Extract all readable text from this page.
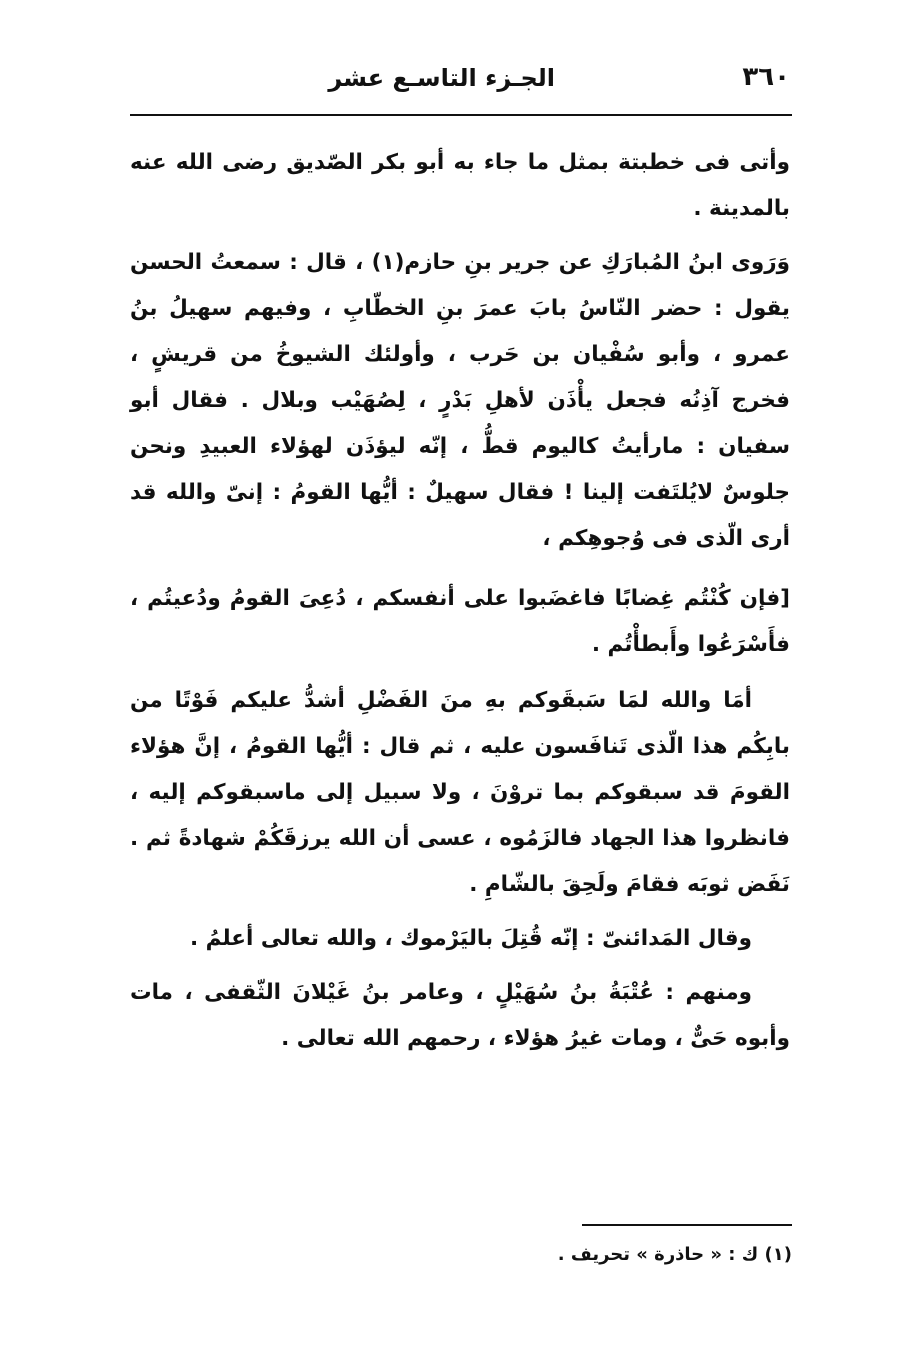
٣٦٠
الجـزء التاسـع عشر

وأتى فى خطبتة بمثل ما جاء به أبو بكر الصّديق رضى الله عنه بالمدينة .

وَرَوى ابنُ المُبارَكِ عن جرير بنِ حازم(١) ، قال : سمعتُ الحسن يقول : حضر النّاسُ بابَ عمرَ بنِ الخطّابِ ، وفيهم سهيلُ بنُ عمرو ، وأبو سُفْيان بن حَرب ، وأولئك الشيوخُ من قريشٍ ، فخرج آذِنُه فجعل يأْذَن لأهلِ بَدْرٍ ، لِصُهَيْب وبلال . فقال أبو سفيان : مارأيتُ كاليوم قطُّ ، إنّه ليؤذَن لهؤلاء العبيدِ ونحن جلوسٌ لايُلتَفت إلينا ! فقال سهيلٌ : أيُّها القومُ : إنىّ والله قد أرى الّذى فى وُجوهِكم ،

[فإن كُنْتُم غِضابًا فاغضَبوا على أنفسكم ، دُعِىَ القومُ ودُعيتُم ، فأَسْرَعُوا وأَبطأْتُم .

أمَا والله لمَا سَبقَوكم بهِ منَ الفَضْلِ أشدُّ عليكم فَوْتًا من بابِكُم هذا الّذى تَنافَسون عليه ، ثم قال : أيُّها القومُ ، إنَّ هؤلاء القومَ قد سبقوكم بما تروْنَ ، ولا سبيل إلى ماسبقوكم إليه ، فانظروا هذا الجهاد فالزَمُوه ، عسى أن الله يرزقَكُمْ شهادةً ثم . نَفَض ثوبَه فقامَ ولَحِقَ بالشّامِ .

وقال المَدائنىّ : إنّه قُتِلَ باليَرْموك ، والله تعالى أعلمُ .

ومنهم : عُتْبَةُ بنُ سُهَيْلٍ ، وعامر بنُ غَيْلانَ الثّقفى ، مات وأبوه حَىٌّ ، ومات غيرُ هؤلاء ، رحمهم الله تعالى .

(١) ك : « حاذرة » تحريف .
